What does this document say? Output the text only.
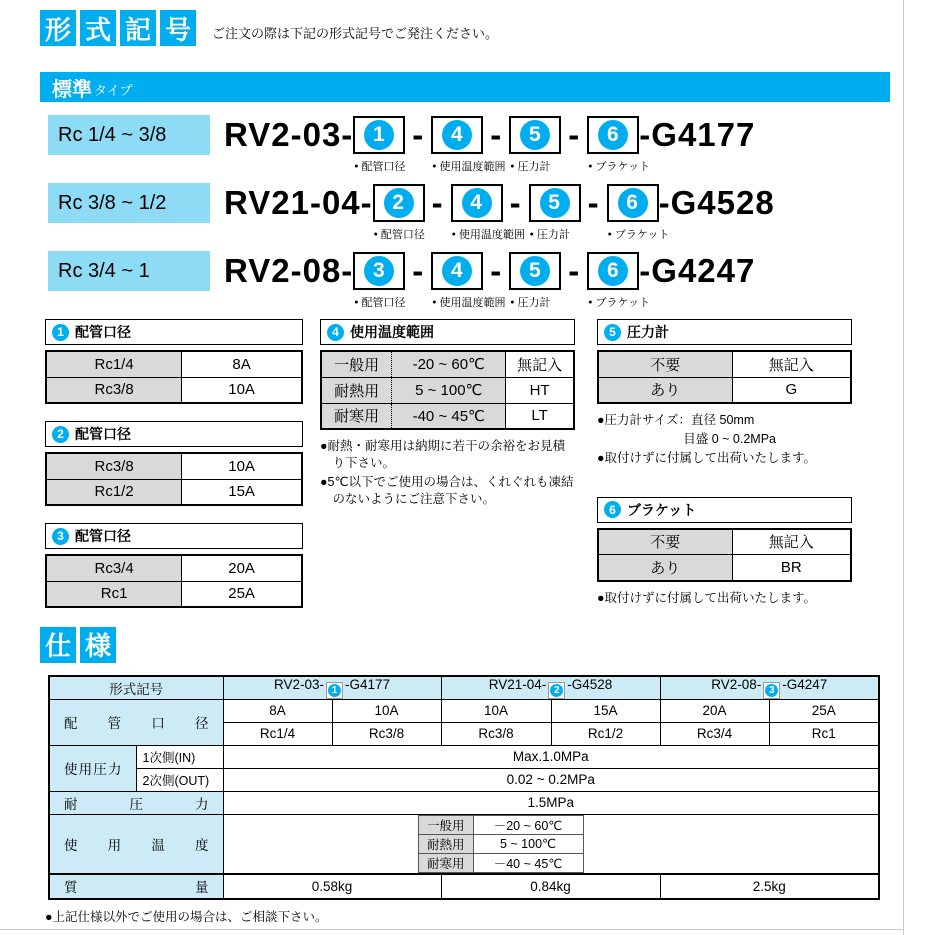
形 式 記 号	ご注文の際は下記の形式記号でご発注ください。
標準 タイプ
Rc 1/4 ~ 3/8	RV2-03- 1
● 配管口径
-	4
● 使用温度範囲
-	5
● 圧力計
-	6
● ブラケット
-G4177
Rc 3/8 ~ 1/2	RV21-04- 2
● 配管口径
-	4
● 使用温度範囲
-	5
● 圧力計
-	6
● ブラケット
-G4528
Rc 3/4 ~ 1	RV2-08- 3
● 配管口径
-	4
● 使用温度範囲
-	5
● 圧力計
-	6
● ブラケット
-G4247
1 配管口径
Rc1/4	8A
Rc3/8	10A
2 配管口径
Rc3/8	10A
Rc1/2	15A
3 配管口径
Rc3/4	20A
Rc1	25A
4 使用温度範囲
一般用	-20 ~ 60℃	無記入
耐熱用	5 ~ 100℃	HT
耐寒用	-40 ~ 45℃	LT
●耐熱・耐寒用は納期に若干の余裕をお見積り下さい。
●5℃以下でご使用の場合は、くれぐれも凍結のないようにご注意下さい。
5 圧力計
不要	無記入
あり	G
●圧力計サイズ：直径 50mm
目盛 0 ~ 0.2MPa
●取付けずに付属して出荷いたします。
6 ブラケット
不要	無記入
あり	BR
●取付けずに付属して出荷いたします。
仕 様
形式記号	RV2-03- 1 -G4177	RV21-04- 2 -G4528	RV2-08- 3 -G4247
配管口径	8A	10A	10A	15A	20A	25A
Rc1/4	Rc3/8	Rc3/8	Rc1/2	Rc3/4	Rc1
使用圧力	1次側(IN)	Max.1.0MPa
2次側(OUT)	0.02 ~ 0.2MPa
耐圧力	1.5MPa
使用温度	
一般用	－20 ~ 60℃
耐熱用	5 ~ 100℃
耐寒用	－40 ~ 45℃

質量	0.58kg	0.84kg	2.5kg
●上記仕様以外でご使用の場合は、ご相談下さい。
